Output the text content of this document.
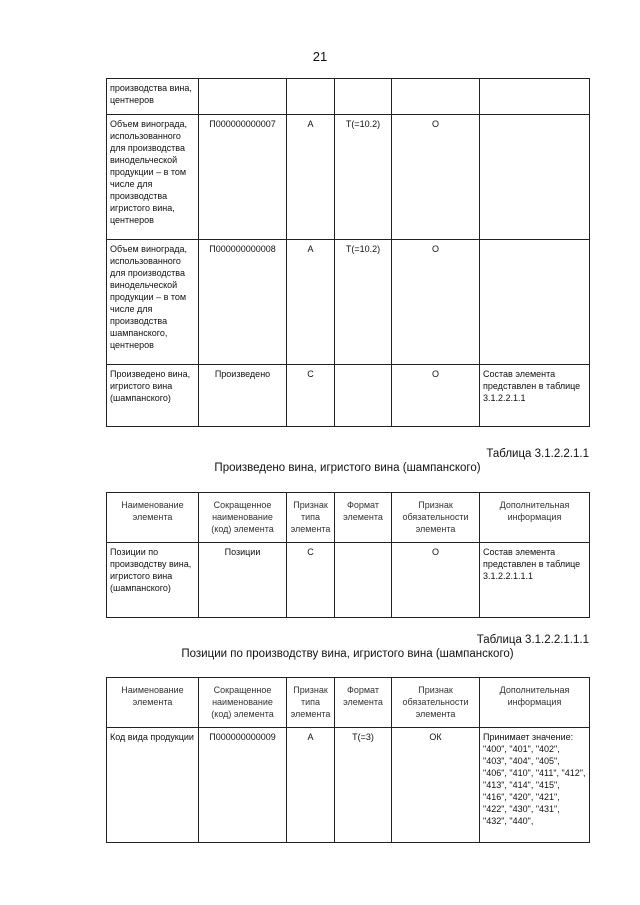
21
производства вина, центнеров					
Объем винограда, использованного для производства винодельческой продукции – в том числе для производства игристого вина, центнеров	П000000000007	А	Т(=10.2)	О	
Объем винограда, использованного для производства винодельческой продукции – в том числе для производства шампанского, центнеров	П000000000008	А	Т(=10.2)	О	
Произведено вина, игристого вина (шампанского)	Произведено	С		О	Состав элемента представлен в таблице 3.1.2.2.1.1
Таблица 3.1.2.2.1.1
Произведено вина, игристого вина (шампанского)
Наименование элемента	Сокращенное наименование (код) элемента	Признак типа элемента	Формат элемента	Признак обязательности элемента	Дополнительная информация
Позиции по производству вина, игристого вина (шампанского)	Позиции	С		О	Состав элемента представлен в таблице 3.1.2.2.1.1.1
Таблица 3.1.2.2.1.1.1
Позиции по производству вина, игристого вина (шампанского)
Наименование элемента	Сокращенное наименование (код) элемента	Признак типа элемента	Формат элемента	Признак обязательности элемента	Дополнительная информация
Код вида продукции	П000000000009	А	Т(=3)	ОК	Принимает значение: "400", "401", "402", "403", "404", "405", "406", "410", "411", "412", "413", "414", "415", "416", "420", "421", "422", "430", "431", "432", "440",
